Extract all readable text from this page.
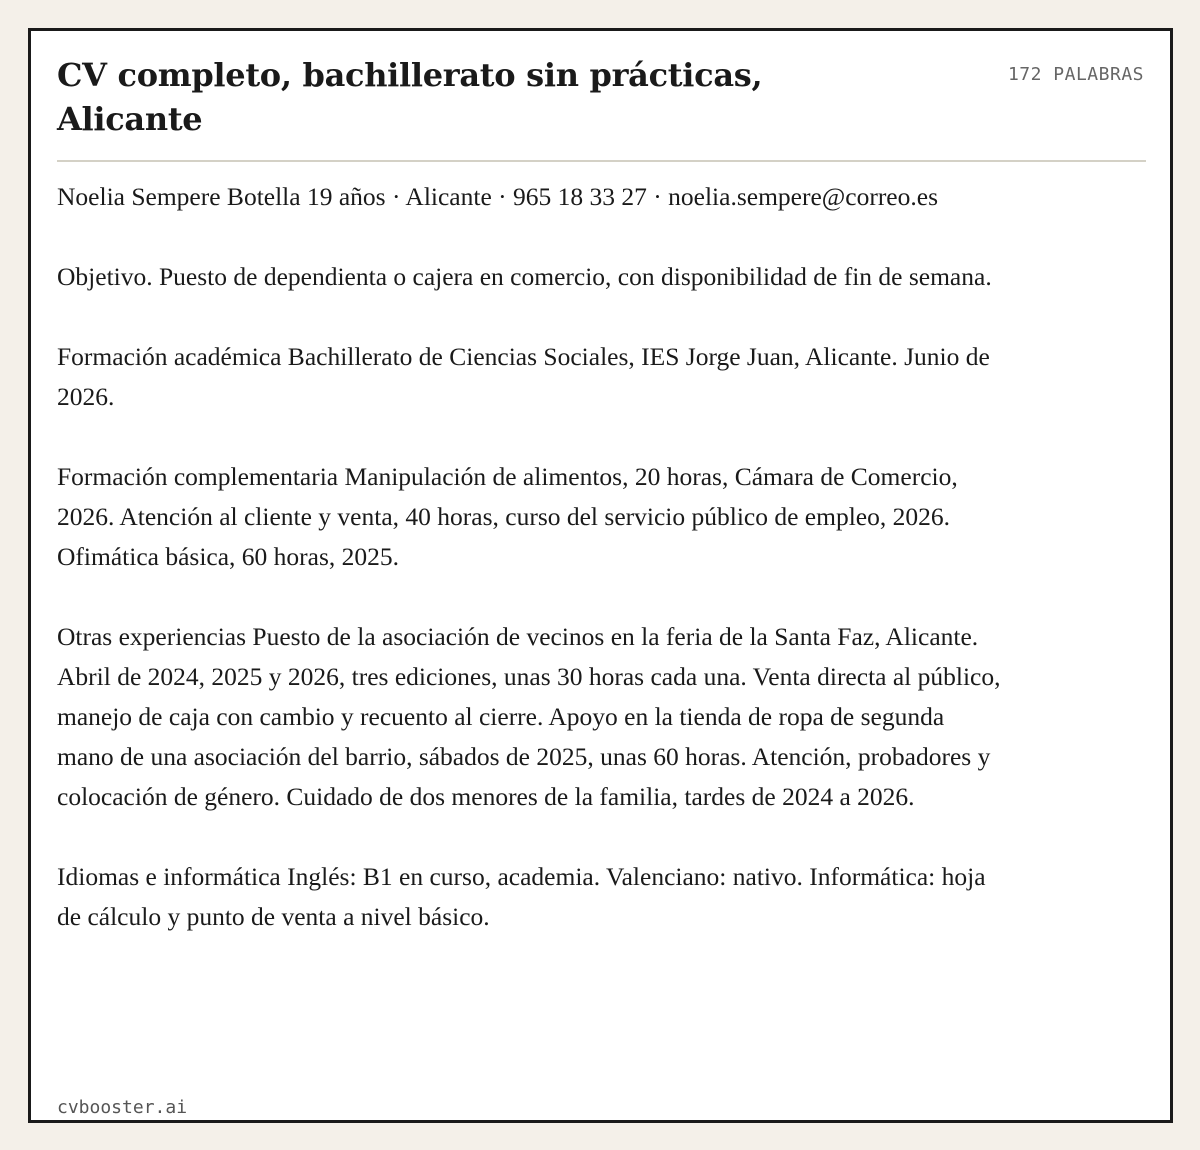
CV completo, bachillerato sin prácticas, Alicante
172 PALABRAS

Noelia Sempere Botella 19 años · Alicante · 965 18 33 27 · noelia.sempere@correo.es

Objetivo. Puesto de dependienta o cajera en comercio, con disponibilidad de fin de semana.

Formación académica Bachillerato de Ciencias Sociales, IES Jorge Juan, Alicante. Junio de 2026.

Formación complementaria Manipulación de alimentos, 20 horas, Cámara de Comercio, 2026. Atención al cliente y venta, 40 horas, curso del servicio público de empleo, 2026. Ofimática básica, 60 horas, 2025.

Otras experiencias Puesto de la asociación de vecinos en la feria de la Santa Faz, Alicante. Abril de 2024, 2025 y 2026, tres ediciones, unas 30 horas cada una. Venta directa al público, manejo de caja con cambio y recuento al cierre. Apoyo en la tienda de ropa de segunda mano de una asociación del barrio, sábados de 2025, unas 60 horas. Atención, probadores y colocación de género. Cuidado de dos menores de la familia, tardes de 2024 a 2026.

Idiomas e informática Inglés: B1 en curso, academia. Valenciano: nativo. Informática: hoja de cálculo y punto de venta a nivel básico.

cvbooster.ai
